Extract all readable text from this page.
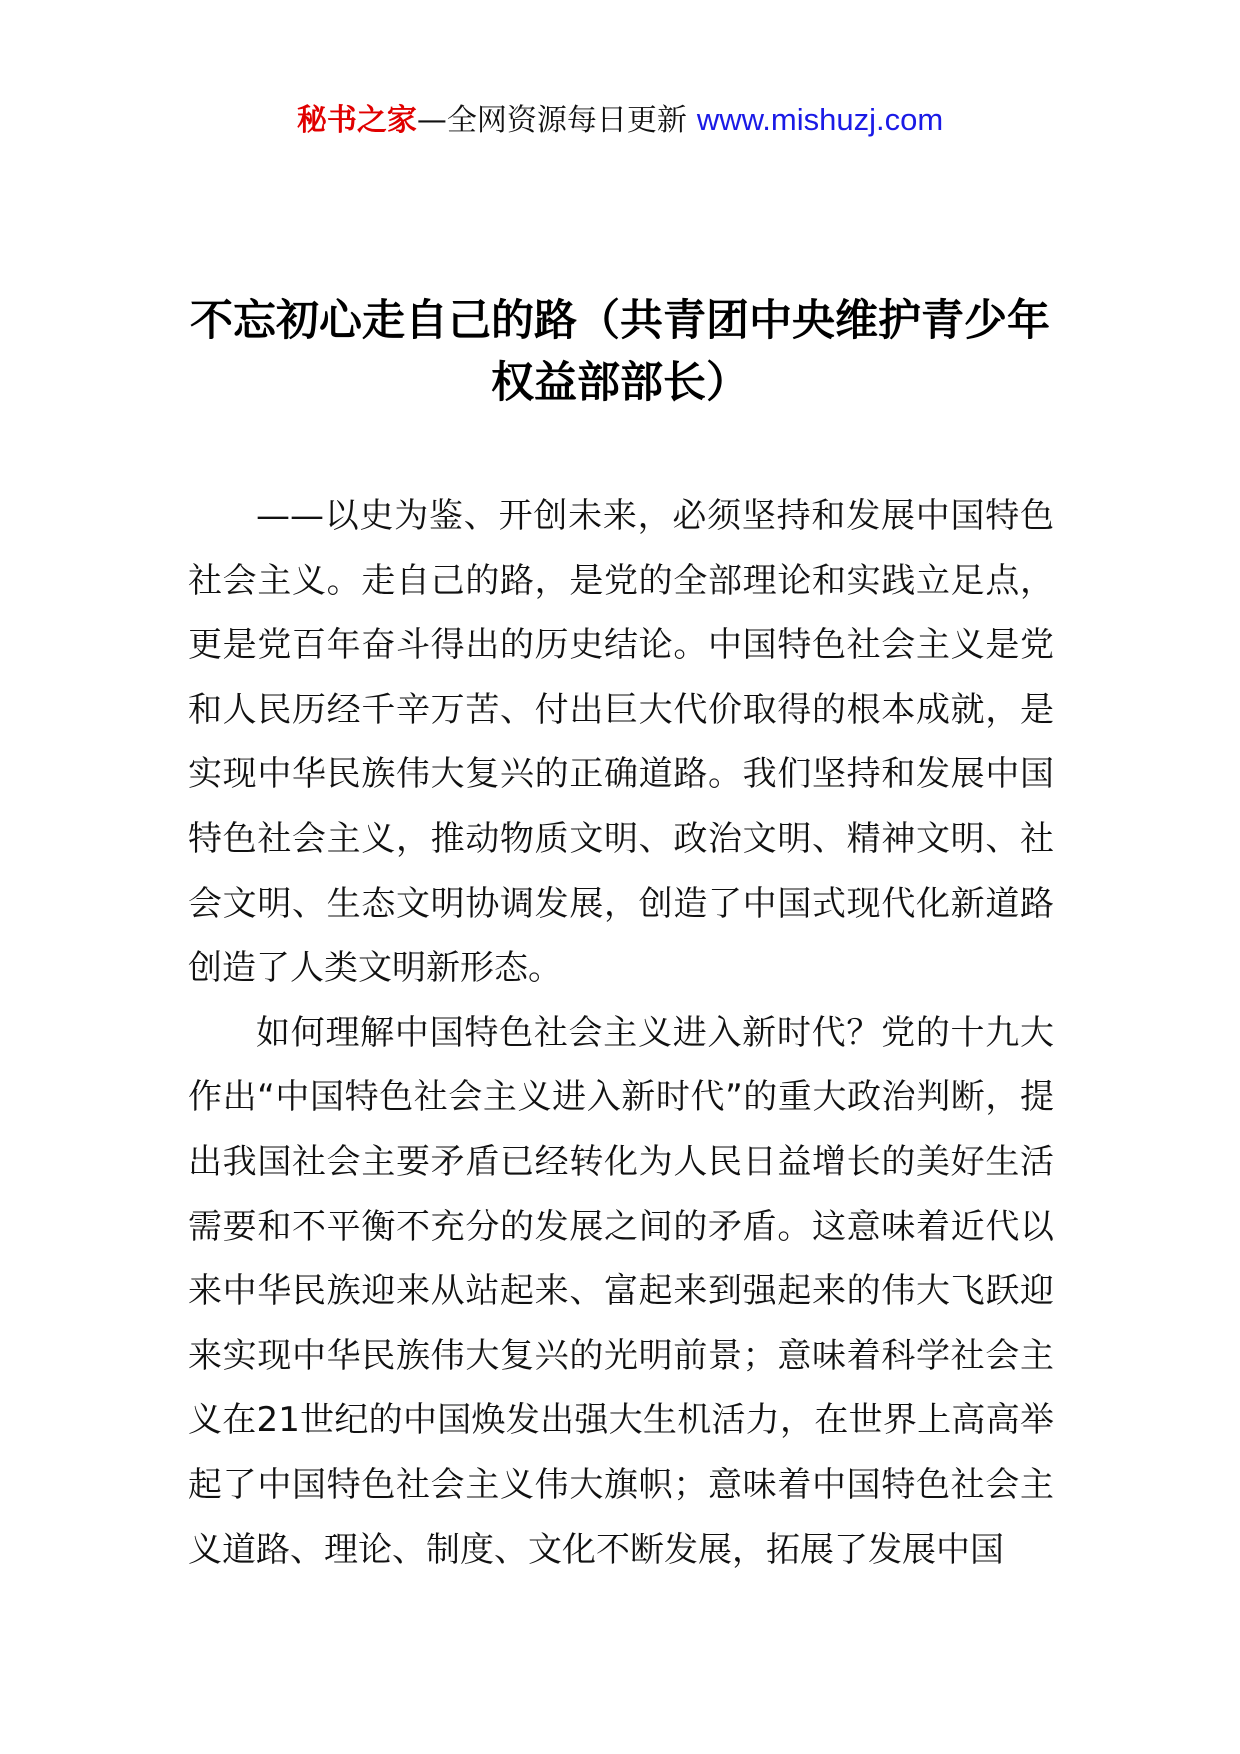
秘书之家—全网资源每日更新 www.mishuzj.com
不忘初心走自己的路（共青团中央维护青少年权益部部长）

——以史为鉴、开创未来，必须坚持和发展中国特色社会主义。走自己的路，是党的全部理论和实践立足点，更是党百年奋斗得出的历史结论。中国特色社会主义是党和人民历经千辛万苦、付出巨大代价取得的根本成就，是实现中华民族伟大复兴的正确道路。我们坚持和发展中国特色社会主义，推动物质文明、政治文明、精神文明、社会文明、生态文明协调发展，创造了中国式现代化新道路创造了人类文明新形态。

如何理解中国特色社会主义进入新时代？党的十九大作出“中国特色社会主义进入新时代”的重大政治判断，提出我国社会主要矛盾已经转化为人民日益增长的美好生活需要和不平衡不充分的发展之间的矛盾。这意味着近代以来中华民族迎来从站起来、富起来到强起来的伟大飞跃迎来实现中华民族伟大复兴的光明前景；意味着科学社会主义在21世纪的中国焕发出强大生机活力，在世界上高高举起了中国特色社会主义伟大旗帜；意味着中国特色社会主义道路、理论、制度、文化不断发展，拓展了发展中国
